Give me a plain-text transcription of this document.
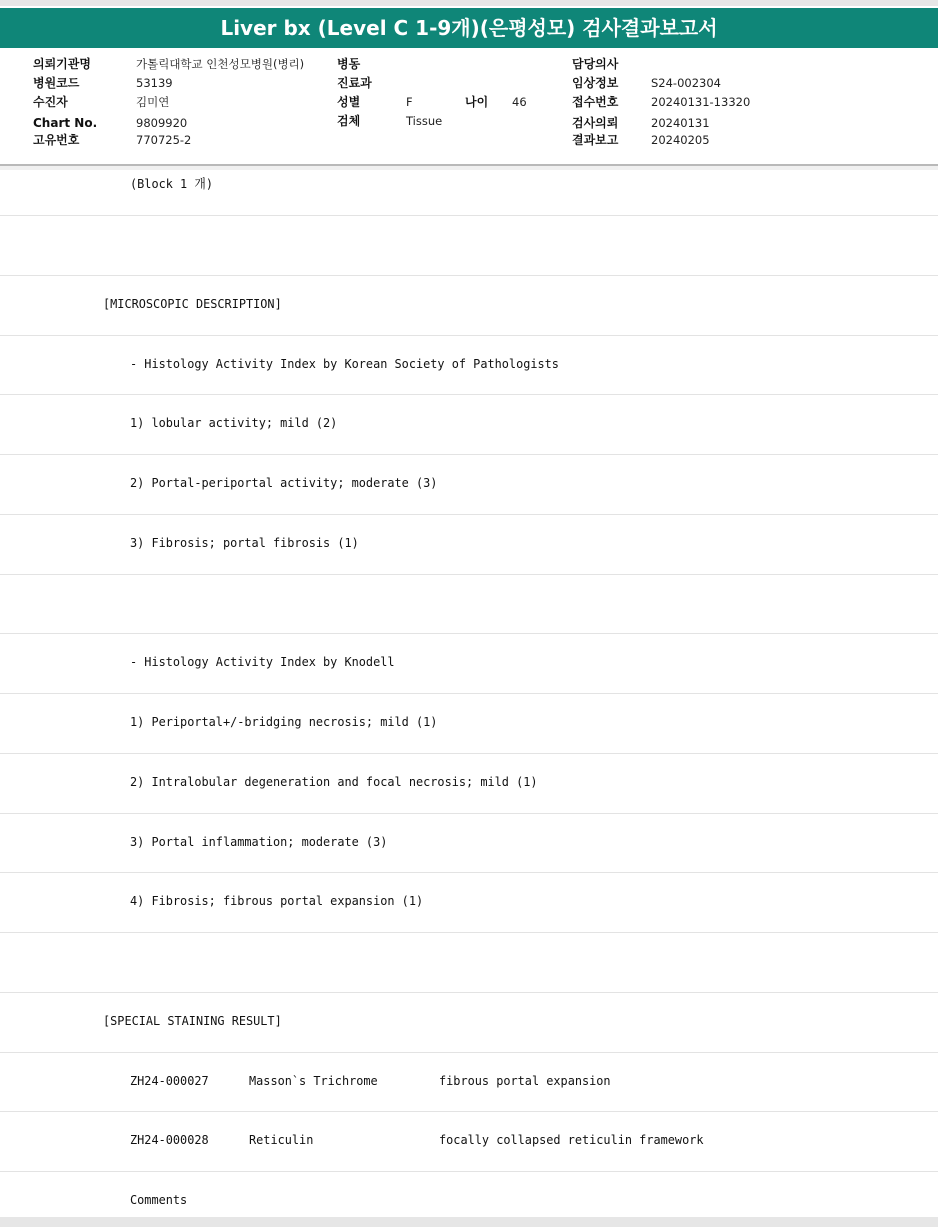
Liver bx (Level C 1-9개)(은평성모) 검사결과보고서
의뢰기관명	가톨릭대학교 인천성모병원(병리)
병원코드	53139
수진자	김미연
Chart No.	9809920
고유번호	770725-2
병동
진료과
성별	F	나이 46
검체	Tissue
담당의사
임상정보	S24-002304
접수번호	20240131-13320
검사의뢰	20240131
결과보고	20240205
(Block 1 개)
[MICROSCOPIC DESCRIPTION]
- Histology Activity Index by Korean Society of Pathologists
1) lobular activity; mild (2)
2) Portal-periportal activity; moderate (3)
3) Fibrosis; portal fibrosis (1)
- Histology Activity Index by Knodell
1) Periportal+/-bridging necrosis; mild (1)
2) Intralobular degeneration and focal necrosis; mild (1)
3) Portal inflammation; moderate (3)
4) Fibrosis; fibrous portal expansion (1)
[SPECIAL STAINING RESULT]
ZH24-000027	Masson`s Trichrome	fibrous portal expansion
ZH24-000028	Reticulin	focally collapsed reticulin framework
Comments
